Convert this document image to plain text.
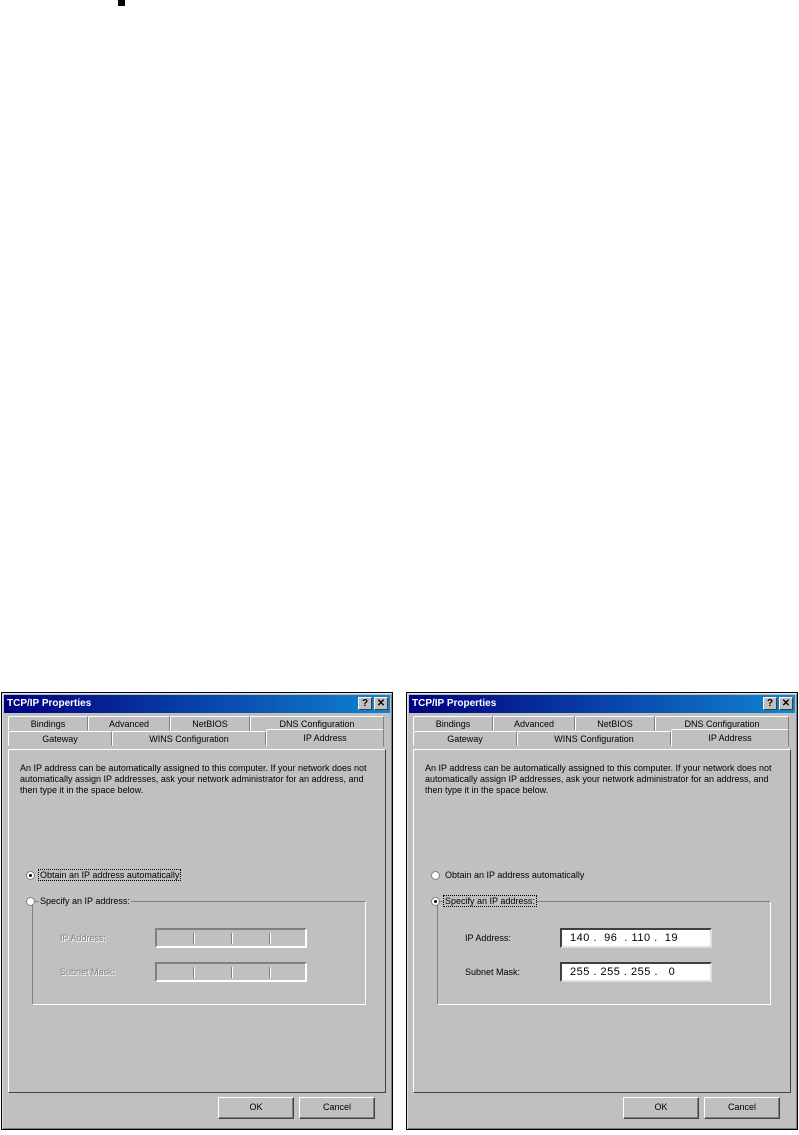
TCP/IP Properties	? ✕
Bindings	Advanced	NetBIOS	DNS Configuration
Gateway	WINS Configuration	IP Address
An IP address can be automatically assigned to this computer. If your network does not automatically assign IP addresses, ask your network administrator for an address, and then type it in the space below.
Obtain an IP address automatically
Specify an IP address:
IP Address:
Subnet Mask:
OK	Cancel
TCP/IP Properties	? ✕
Bindings	Advanced	NetBIOS	DNS Configuration
Gateway	WINS Configuration	IP Address
An IP address can be automatically assigned to this computer. If your network does not automatically assign IP addresses, ask your network administrator for an address, and then type it in the space below.
Obtain an IP address automatically
Specify an IP address:
IP Address:	140 .  96  . 110 .  19
Subnet Mask:	255 . 255 . 255 .   0
OK	Cancel
